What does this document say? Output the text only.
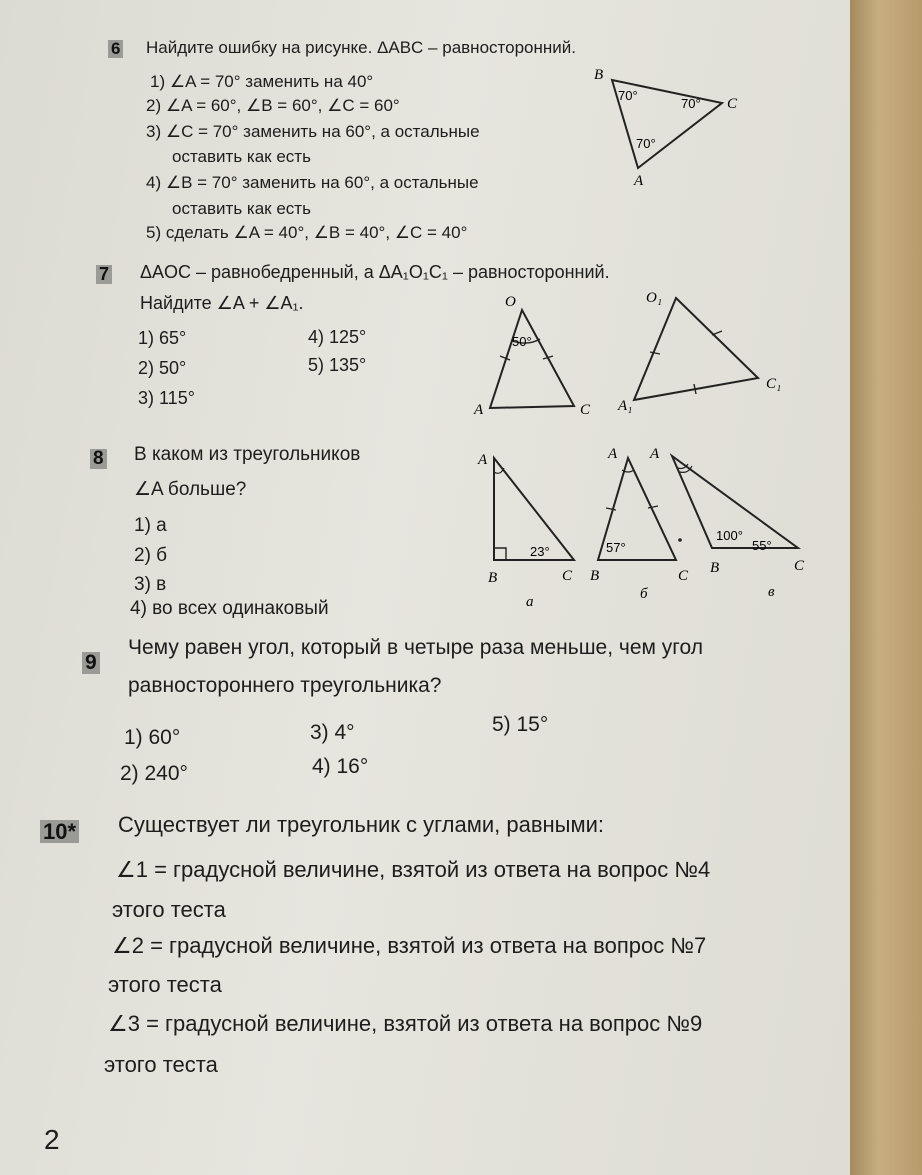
6 Найдите ошибку на рисунке. ΔABC – равносторонний.
1) ∠A = 70° заменить на 40°
2) ∠A = 60°, ∠B = 60°, ∠C = 60°
3) ∠C = 70° заменить на 60°, а остальные
оставить как есть
4) ∠B = 70° заменить на 60°, а остальные
оставить как есть
5) сделать ∠A = 40°, ∠B = 40°, ∠C = 40°
B
C
A
70°
70°
70°
7 ΔAOC – равнобедренный, а ΔA₁O₁C₁ – равносторонний.
Найдите ∠A + ∠A₁.
1) 65°
2) 50°
3) 115°
4) 125°
5) 135°
O
A	C
50°
O₁
A₁
C₁
8 В каком из треугольников
∠A больше?
1) а
2) б
3) в
4) во всех одинаковый
A
B	C
23°
а
A
B	C
57°
б
A
B	C
100°
55°
в
9
Чему равен угол, который в четыре раза меньше, чем угол
равностороннего треугольника?
1) 60°
2) 240°
3) 4°
4) 16°
5) 15°
10* Существует ли треугольник с углами, равными:
∠1 = градусной величине, взятой из ответа на вопрос №4
этого теста
∠2 = градусной величине, взятой из ответа на вопрос №7
этого теста
∠3 = градусной величине, взятой из ответа на вопрос №9
этого теста
2
